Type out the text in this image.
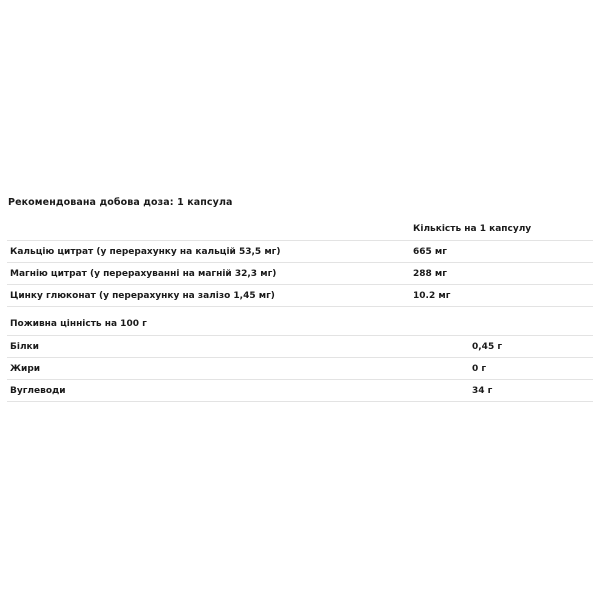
Рекомендована добова доза: 1 капсула
Кількість на 1 капсулу
Кальцію цитрат (у перерахунку на кальцій 53,5 мг)	665 мг
Магнію цитрат (у перерахуванні на магній 32,3 мг)	288 мг
Цинку глюконат (у перерахунку на залізо 1,45 мг)	10.2 мг
Поживна цінність на 100 г
Білки	0,45 г
Жири	0 г
Вуглеводи	34 г
